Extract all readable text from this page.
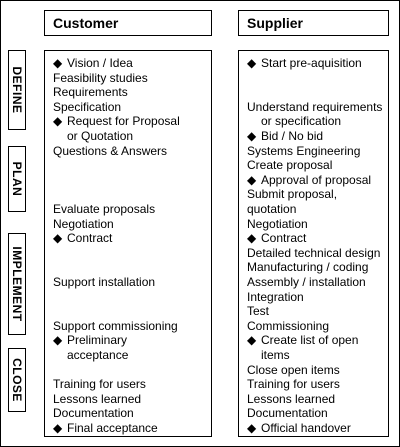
Customer	Supplier
DEFINE
PLAN
IMPLEMENT
CLOSE
◆ Vision / Idea
Feasibility studies
Requirements
Specification
◆ Request for Proposal
or Quotation
Questions & Answers
Evaluate proposals
Negotiation
◆ Contract
Support installation
Support commissioning
◆ Preliminary
acceptance
Training for users
Lessons learned
Documentation
◆ Final acceptance
◆ Start pre-aquisition
Understand requirements
or specification
◆ Bid / No bid
Systems Engineering
Create proposal
◆ Approval of proposal
Submit proposal,
quotation
Negotiation
◆ Contract
Detailed technical design
Manufacturing / coding
Assembly / installation
Integration
Test
Commissioning
◆ Create list of open
items
Close open items
Training for users
Lessons learned
Documentation
◆ Official handover
